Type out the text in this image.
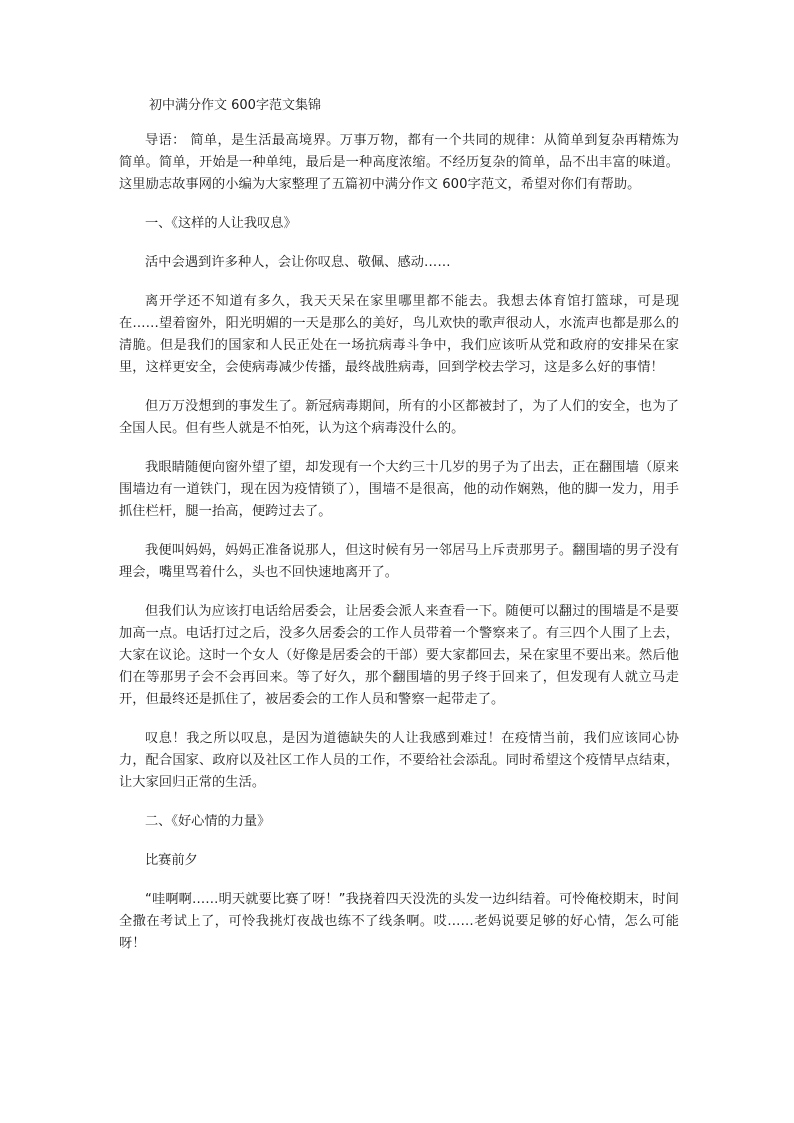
初中满分作文 600字范文集锦

导语： 简单，是生活最高境界。万事万物，都有一个共同的规律：从简单到复杂再精炼为简单。简单，开始是一种单纯，最后是一种高度浓缩。不经历复杂的简单，品不出丰富的味道。这里励志故事网的小编为大家整理了五篇初中满分作文 600字范文，希望对你们有帮助。

一、《这样的人让我叹息》

活中会遇到许多种人，会让你叹息、敬佩、感动……

离开学还不知道有多久，我天天呆在家里哪里都不能去。我想去体育馆打篮球，可是现在……望着窗外，阳光明媚的一天是那么的美好，鸟儿欢快的歌声很动人，水流声也都是那么的清脆。但是我们的国家和人民正处在一场抗病毒斗争中，我们应该听从党和政府的安排呆在家里，这样更安全，会使病毒减少传播，最终战胜病毒，回到学校去学习，这是多么好的事情！

但万万没想到的事发生了。新冠病毒期间，所有的小区都被封了，为了人们的安全，也为了全国人民。但有些人就是不怕死，认为这个病毒没什么的。

我眼睛随便向窗外望了望，却发现有一个大约三十几岁的男子为了出去，正在翻围墙（原来围墙边有一道铁门，现在因为疫情锁了），围墙不是很高，他的动作娴熟，他的脚一发力，用手抓住栏杆，腿一抬高，便跨过去了。

我便叫妈妈，妈妈正准备说那人，但这时候有另一邻居马上斥责那男子。翻围墙的男子没有理会，嘴里骂着什么，头也不回快速地离开了。

但我们认为应该打电话给居委会，让居委会派人来查看一下。随便可以翻过的围墙是不是要加高一点。电话打过之后，没多久居委会的工作人员带着一个警察来了。有三四个人围了上去，大家在议论。这时一个女人（好像是居委会的干部）要大家都回去，呆在家里不要出来。然后他们在等那男子会不会再回来。等了好久，那个翻围墙的男子终于回来了，但发现有人就立马走开，但最终还是抓住了，被居委会的工作人员和警察一起带走了。

叹息！我之所以叹息，是因为道德缺失的人让我感到难过！在疫情当前，我们应该同心协力，配合国家、政府以及社区工作人员的工作，不要给社会添乱。同时希望这个疫情早点结束，让大家回归正常的生活。

二、《好心情的力量》

比赛前夕

“哇啊啊……明天就要比赛了呀！”我挠着四天没洗的头发一边纠结着。可怜俺校期末，时间全撒在考试上了，可怜我挑灯夜战也练不了线条啊。哎……老妈说要足够的好心情，怎么可能呀！
